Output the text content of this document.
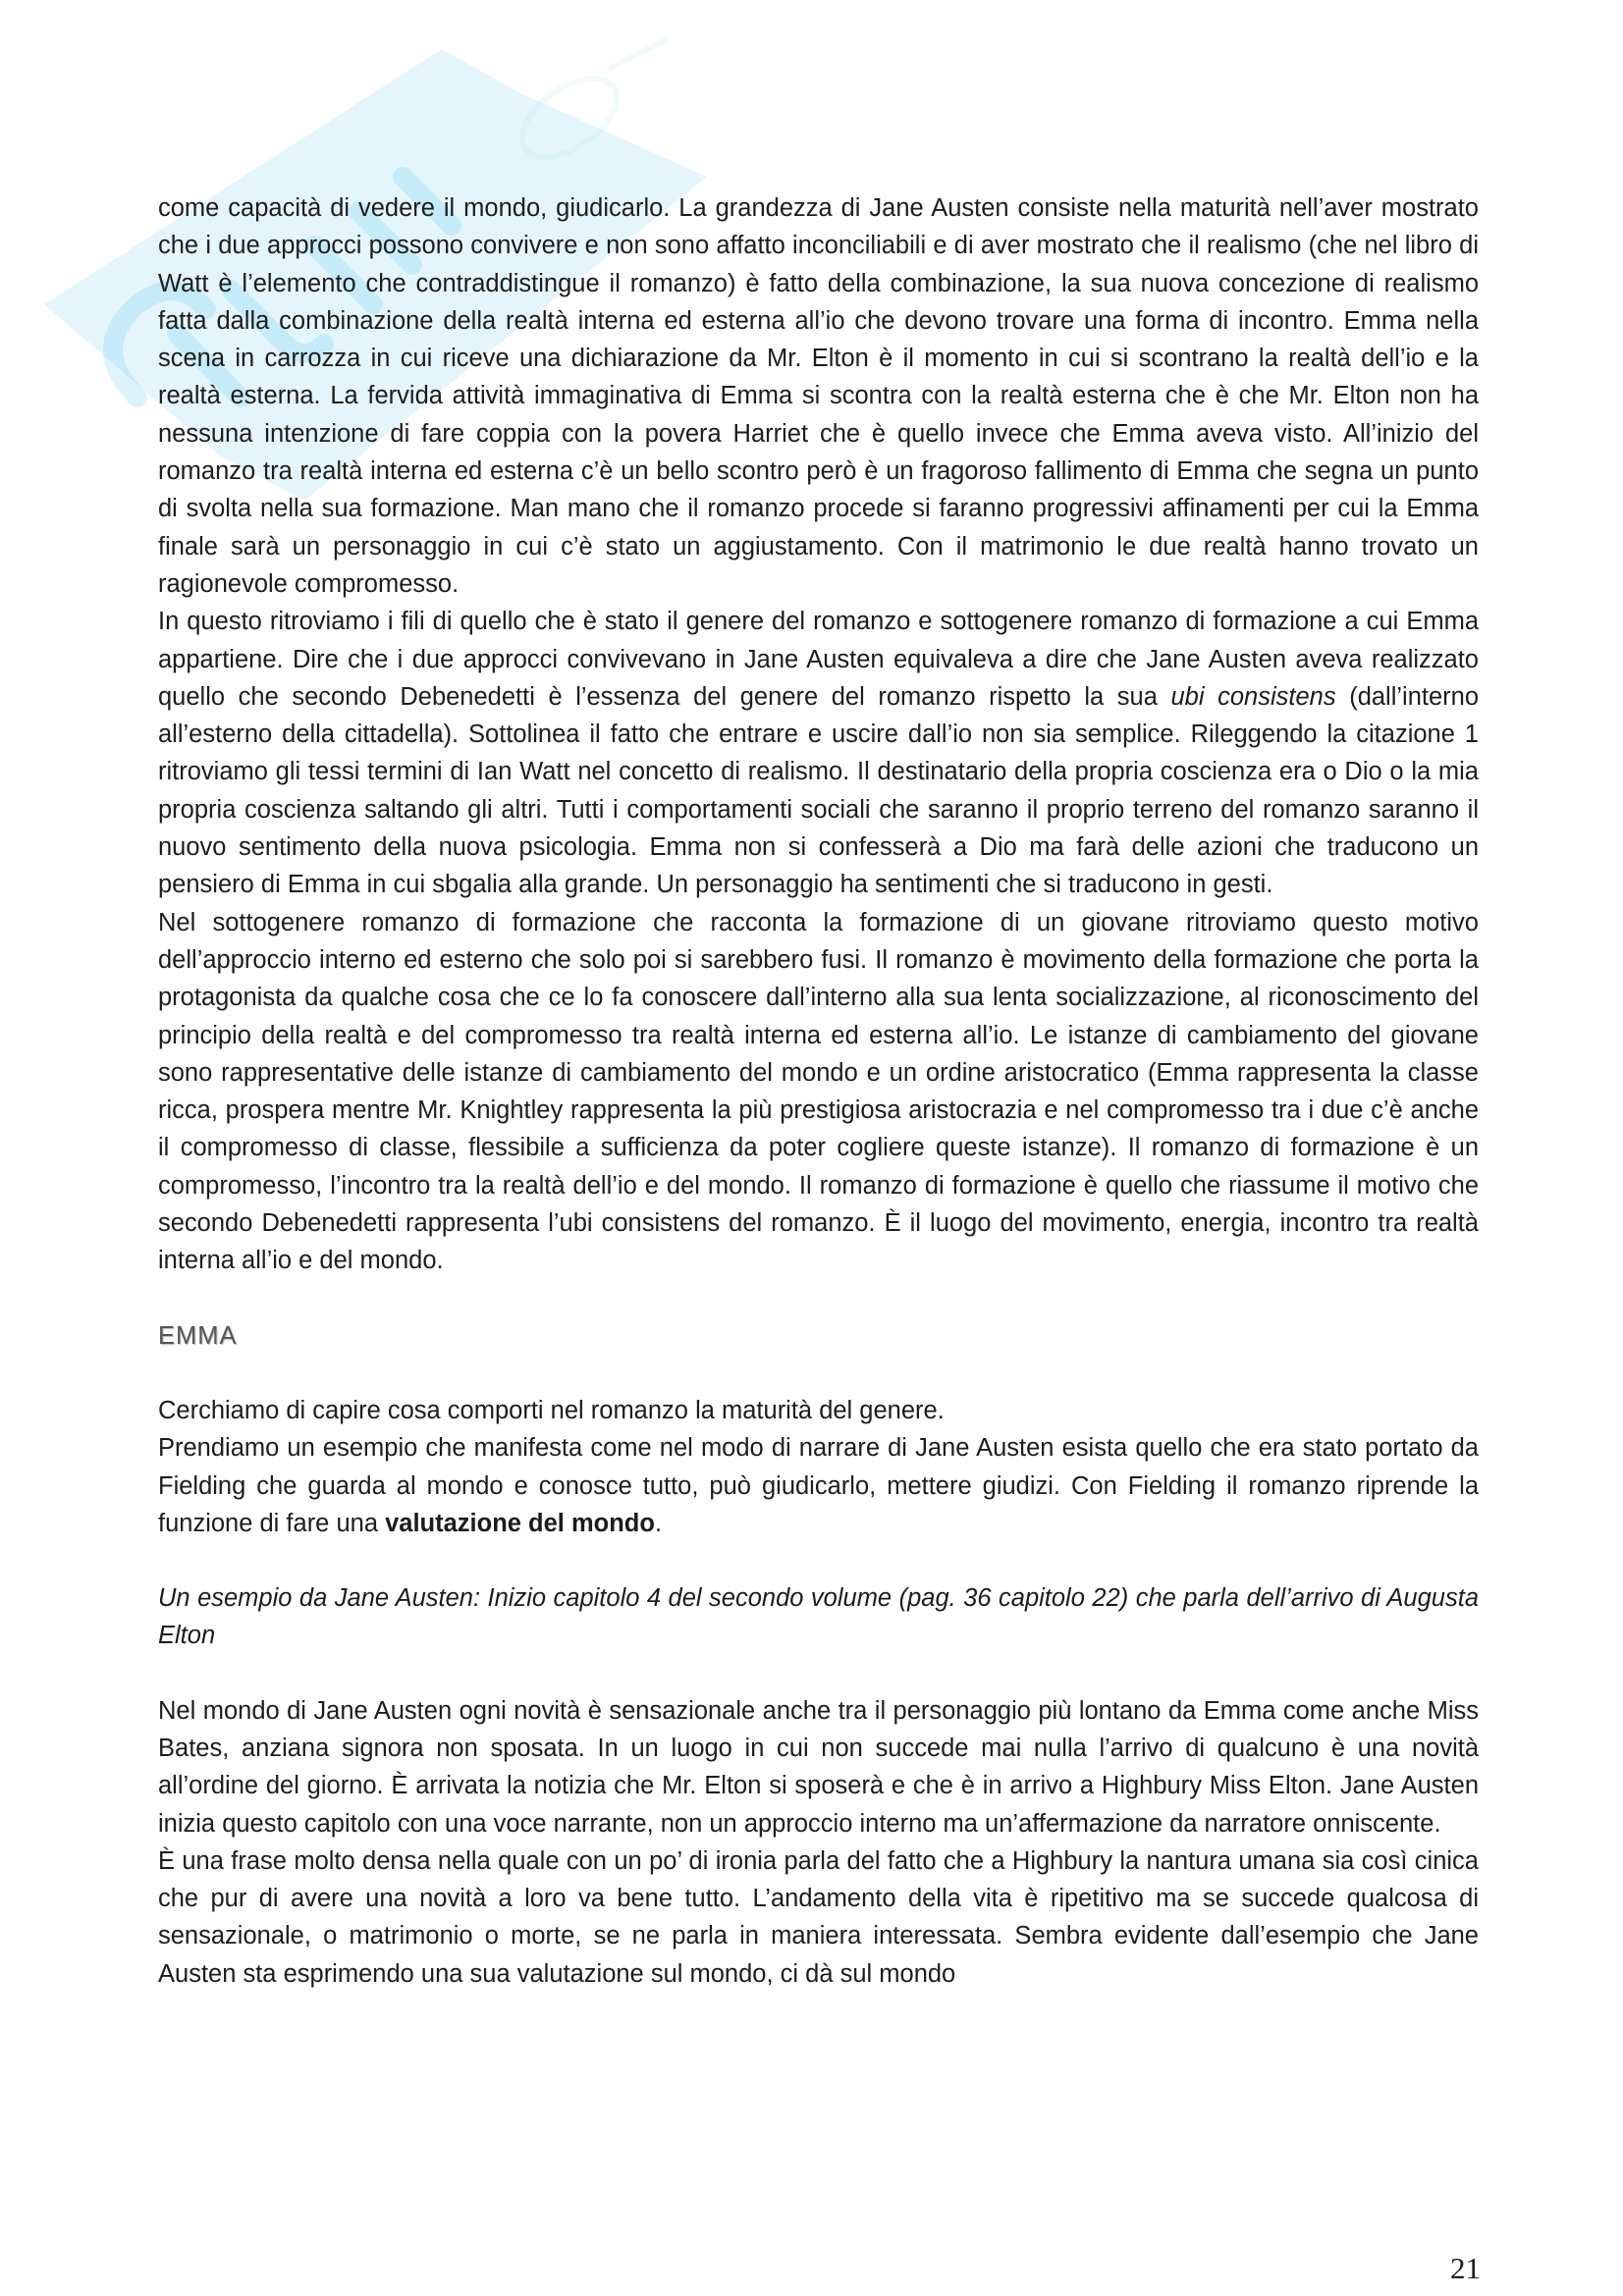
come capacità di vedere il mondo, giudicarlo. La grandezza di Jane Austen consiste nella maturità nell’aver mostrato che i due approcci possono convivere e non sono affatto inconciliabili e di aver mostrato che il realismo (che nel libro di Watt è l’elemento che contraddistingue il romanzo) è fatto della combinazione, la sua nuova concezione di realismo fatta dalla combinazione della realtà interna ed esterna all’io che devono trovare una forma di incontro. Emma nella scena in carrozza in cui riceve una dichiarazione da Mr. Elton è il momento in cui si scontrano la realtà dell’io e la realtà esterna. La fervida attività immaginativa di Emma si scontra con la realtà esterna che è che Mr. Elton non ha nessuna intenzione di fare coppia con la povera Harriet che è quello invece che Emma aveva visto. All’inizio del romanzo tra realtà interna ed esterna c’è un bello scontro però è un fragoroso fallimento di Emma che segna un punto di svolta nella sua formazione. Man mano che il romanzo procede si faranno progressivi affinamenti per cui la Emma finale sarà un personaggio in cui c’è stato un aggiustamento. Con il matrimonio le due realtà hanno trovato un ragionevole compromesso.

In questo ritroviamo i fili di quello che è stato il genere del romanzo e sottogenere romanzo di formazione a cui Emma appartiene. Dire che i due approcci convivevano in Jane Austen equivaleva a dire che Jane Austen aveva realizzato quello che secondo Debenedetti è l’essenza del genere del romanzo rispetto la sua ubi consistens (dall’interno all’esterno della cittadella). Sottolinea il fatto che entrare e uscire dall’io non sia semplice. Rileggendo la citazione 1 ritroviamo gli tessi termini di Ian Watt nel concetto di realismo. Il destinatario della propria coscienza era o Dio o la mia propria coscienza saltando gli altri. Tutti i comportamenti sociali che saranno il proprio terreno del romanzo saranno il nuovo sentimento della nuova psicologia. Emma non si confesserà a Dio ma farà delle azioni che traducono un pensiero di Emma in cui sbgalia alla grande. Un personaggio ha sentimenti che si traducono in gesti.

Nel sottogenere romanzo di formazione che racconta la formazione di un giovane ritroviamo questo motivo dell’approccio interno ed esterno che solo poi si sarebbero fusi. Il romanzo è movimento della formazione che porta la protagonista da qualche cosa che ce lo fa conoscere dall’interno alla sua lenta socializzazione, al riconoscimento del principio della realtà e del compromesso tra realtà interna ed esterna all’io. Le istanze di cambiamento del giovane sono rappresentative delle istanze di cambiamento del mondo e un ordine aristocratico (Emma rappresenta la classe ricca, prospera mentre Mr. Knightley rappresenta la più prestigiosa aristocrazia e nel compromesso tra i due c’è anche il compromesso di classe, flessibile a sufficienza da poter cogliere queste istanze). Il romanzo di formazione è un compromesso, l’incontro tra la realtà dell’io e del mondo. Il romanzo di formazione è quello che riassume il motivo che secondo Debenedetti rappresenta l’ubi consistens del romanzo. È il luogo del movimento, energia, incontro tra realtà interna all’io e del mondo.

EMMA

Cerchiamo di capire cosa comporti nel romanzo la maturità del genere.

Prendiamo un esempio che manifesta come nel modo di narrare di Jane Austen esista quello che era stato portato da Fielding che guarda al mondo e conosce tutto, può giudicarlo, mettere giudizi. Con Fielding il romanzo riprende la funzione di fare una valutazione del mondo.

Un esempio da Jane Austen: Inizio capitolo 4 del secondo volume (pag. 36 capitolo 22) che parla dell’arrivo di Augusta Elton

Nel mondo di Jane Austen ogni novità è sensazionale anche tra il personaggio più lontano da Emma come anche Miss Bates, anziana signora non sposata. In un luogo in cui non succede mai nulla l’arrivo di qualcuno è una novità all’ordine del giorno. È arrivata la notizia che Mr. Elton si sposerà e che è in arrivo a Highbury Miss Elton. Jane Austen inizia questo capitolo con una voce narrante, non un approccio interno ma un’affermazione da narratore onniscente.

È una frase molto densa nella quale con un po’ di ironia parla del fatto che a Highbury la nantura umana sia così cinica che pur di avere una novità a loro va bene tutto. L’andamento della vita è ripetitivo ma se succede qualcosa di sensazionale, o matrimonio o morte, se ne parla in maniera interessata. Sembra evidente dall’esempio che Jane Austen sta esprimendo una sua valutazione sul mondo, ci dà sul mondo

21
